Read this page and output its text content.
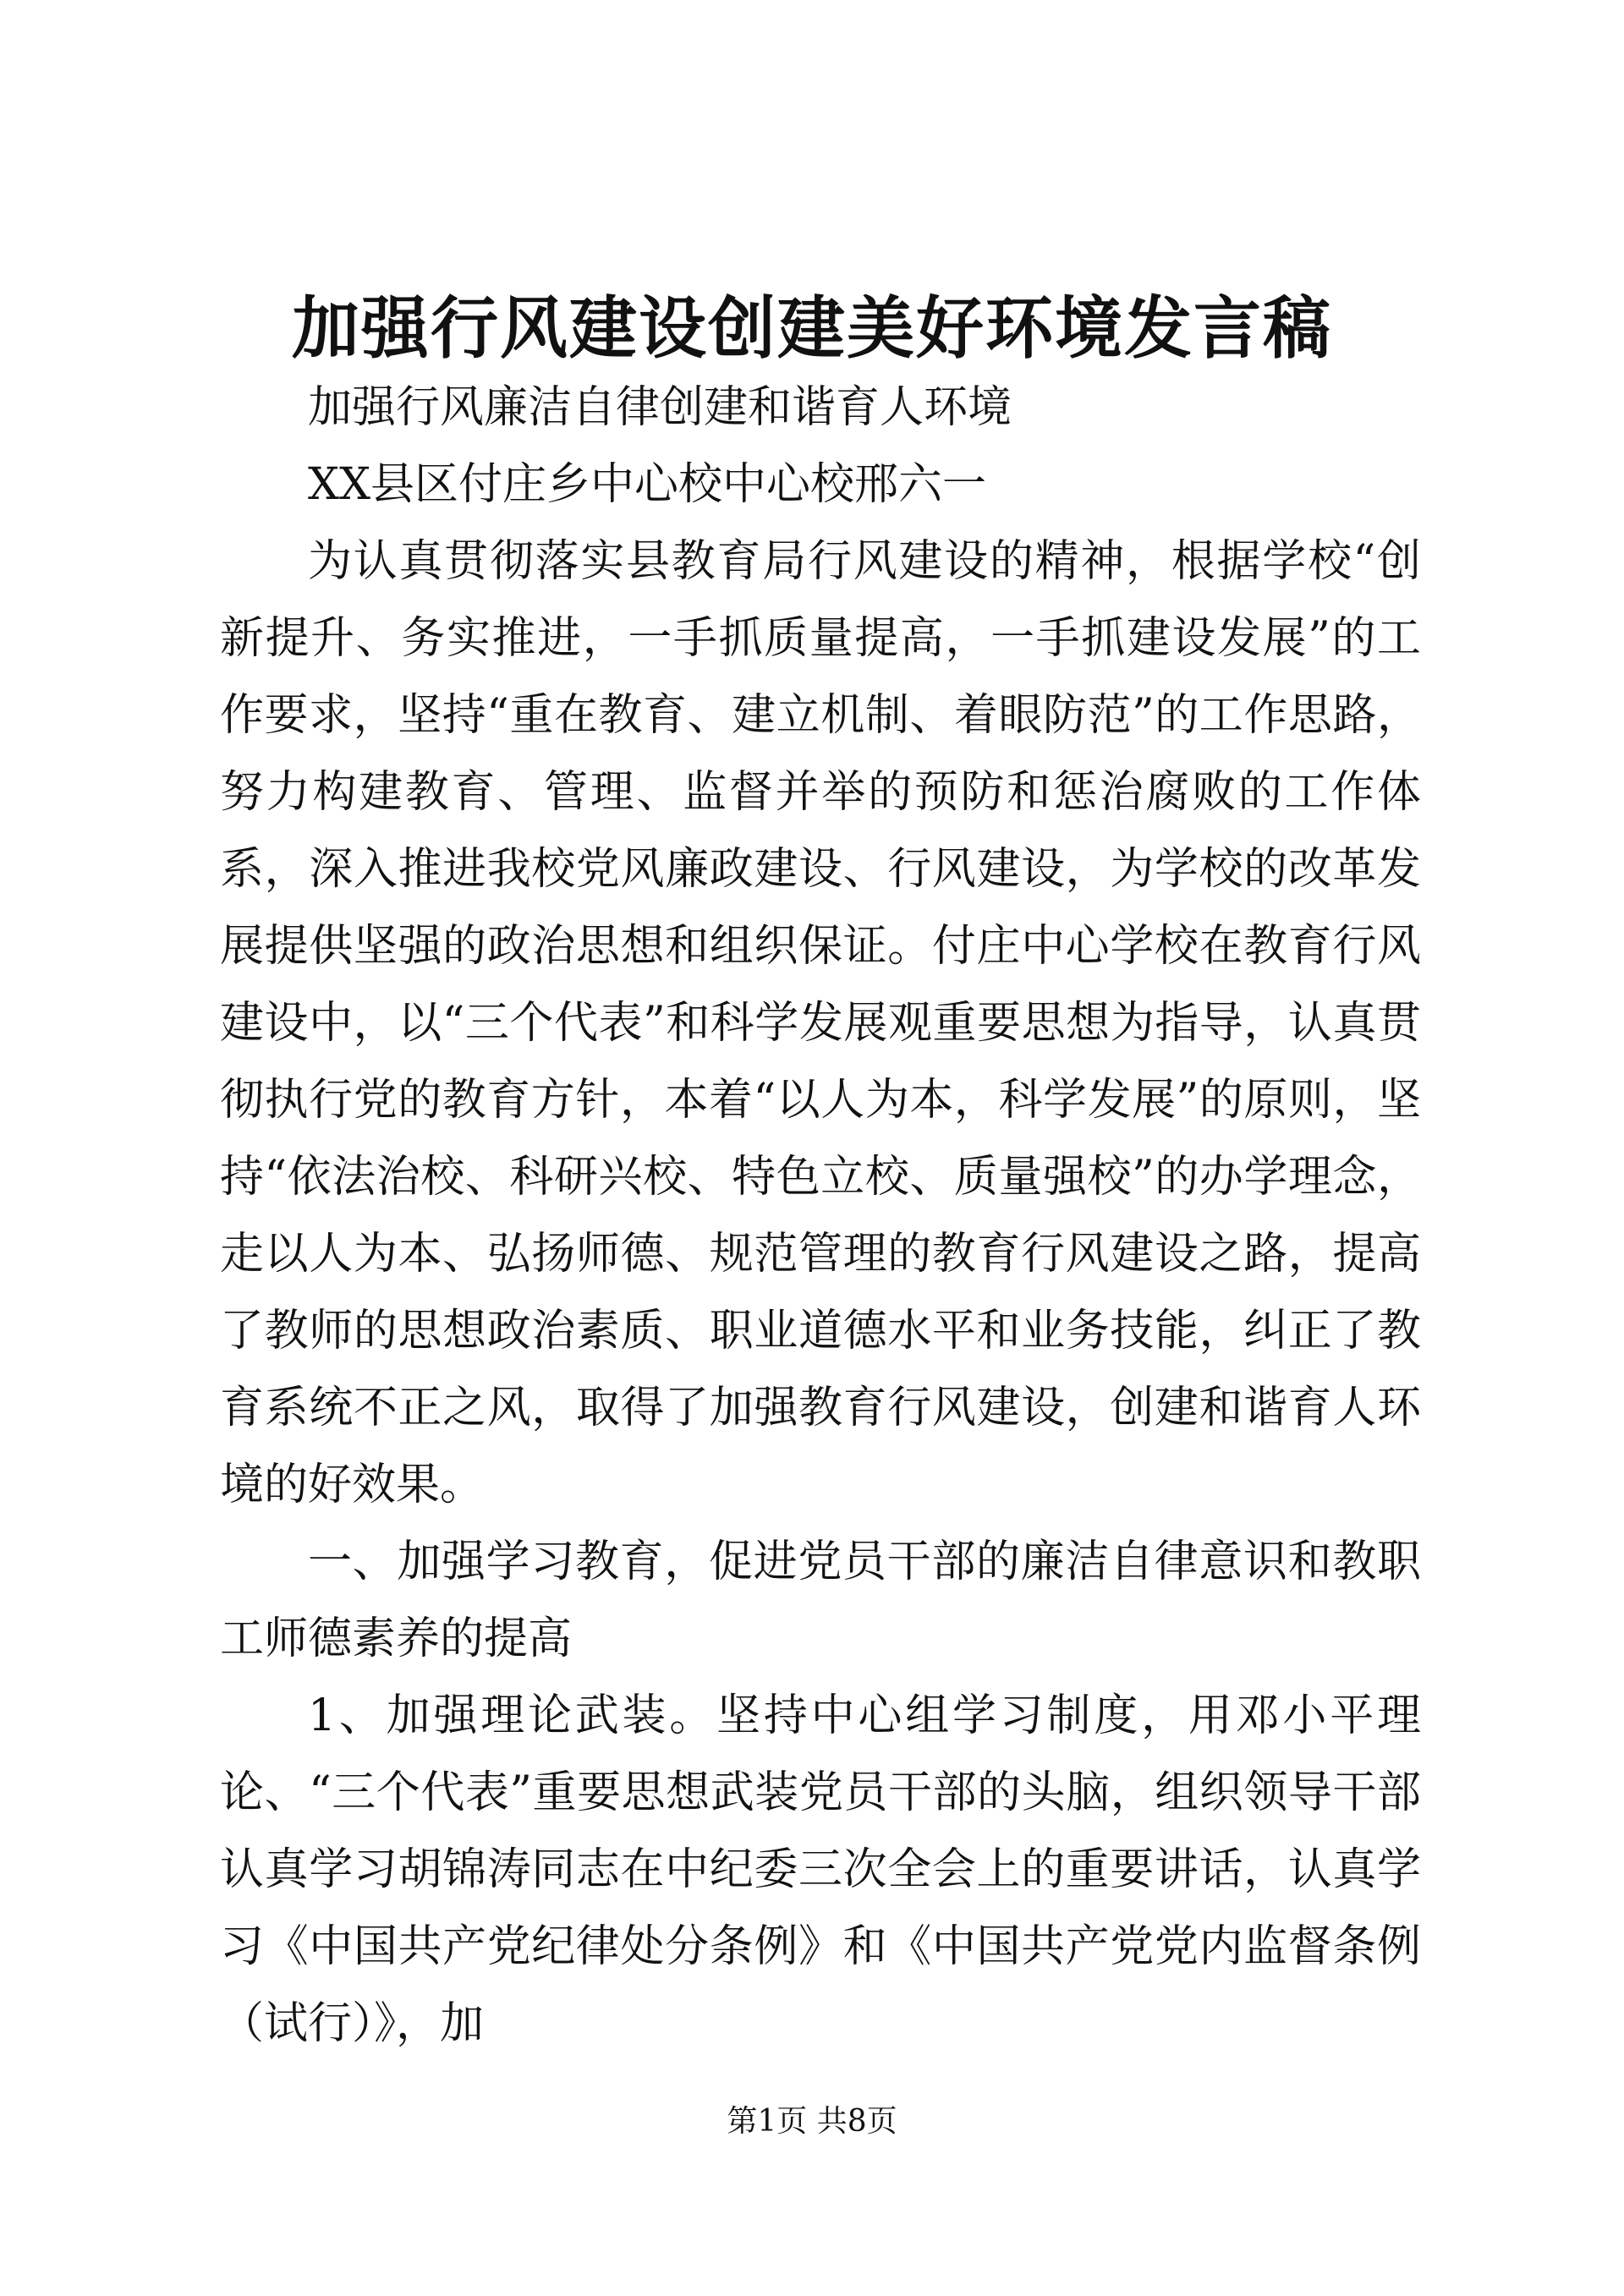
加强行风建设创建美好环境发言稿

加强行风廉洁自律创建和谐育人环境

XX县区付庄乡中心校中心校邢六一

为认真贯彻落实县教育局行风建设的精神，根据学校“创新提升、务实推进，一手抓质量提高，一手抓建设发展”的工作要求，坚持“重在教育、建立机制、着眼防范”的工作思路，努力构建教育、管理、监督并举的预防和惩治腐败的工作体系，深入推进我校党风廉政建设、行风建设，为学校的改革发展提供坚强的政治思想和组织保证。付庄中心学校在教育行风建设中，以“三个代表”和科学发展观重要思想为指导，认真贯彻执行党的教育方针，本着“以人为本，科学发展”的原则，坚持“依法治校、科研兴校、特色立校、质量强校”的办学理念，走以人为本、弘扬师德、规范管理的教育行风建设之路，提高了教师的思想政治素质、职业道德水平和业务技能，纠正了教育系统不正之风，取得了加强教育行风建设，创建和谐育人环境的好效果。

一、加强学习教育，促进党员干部的廉洁自律意识和教职工师德素养的提高

1、加强理论武装。坚持中心组学习制度，用邓小平理论、“三个代表”重要思想武装党员干部的头脑，组织领导干部认真学习胡锦涛同志在中纪委三次全会上的重要讲话，认真学习《中国共产党纪律处分条例》和《中国共产党党内监督条例（试行）》，加

第1页 共8页
